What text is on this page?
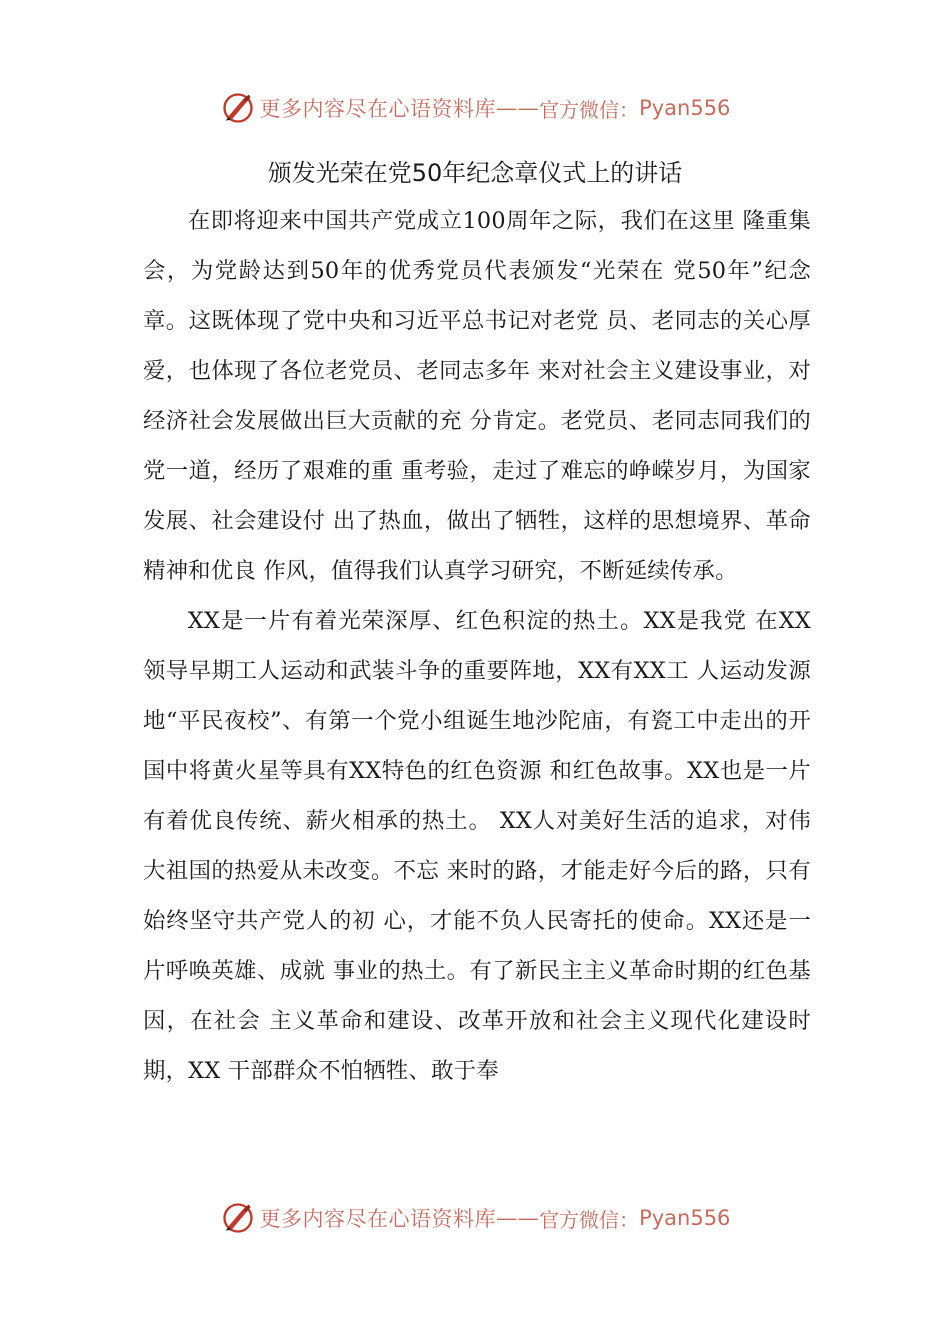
更多内容尽在心语资料库 —— 官方微信： Pyan556
颁发光荣在党50年纪念章仪式上的讲话

在即将迎来中国共产党成立100周年之际，我们在这里 隆重集会，为党龄达到50年的优秀党员代表颁发“光荣在 党50年”纪念章。这既体现了党中央和习近平总书记对老党 员、老同志的关心厚爱，也体现了各位老党员、老同志多年 来对社会主义建设事业，对经济社会发展做出巨大贡献的充 分肯定。老党员、老同志同我们的党一道，经历了艰难的重 重考验，走过了难忘的峥嵘岁月，为国家发展、社会建设付 出了热血，做出了牺牲，这样的思想境界、革命精神和优良 作风，值得我们认真学习研究，不断延续传承。

XX是一片有着光荣深厚、红色积淀的热土。XX是我党 在XX领导早期工人运动和武装斗争的重要阵地，XX有XX工 人运动发源地“平民夜校”、有第一个党小组诞生地沙陀庙，有瓷工中走出的开国中将黄火星等具有XX特色的红色资源 和红色故事。XX也是一片有着优良传统、薪火相承的热土。 XX人对美好生活的追求，对伟大祖国的热爱从未改变。不忘 来时的路，才能走好今后的路，只有始终坚守共产党人的初 心，才能不负人民寄托的使命。XX还是一片呼唤英雄、成就 事业的热土。有了新民主主义革命时期的红色基因，在社会 主义革命和建设、改革开放和社会主义现代化建设时期，XX 干部群众不怕牺牲、敢于奉

更多内容尽在心语资料库 —— 官方微信： Pyan556
